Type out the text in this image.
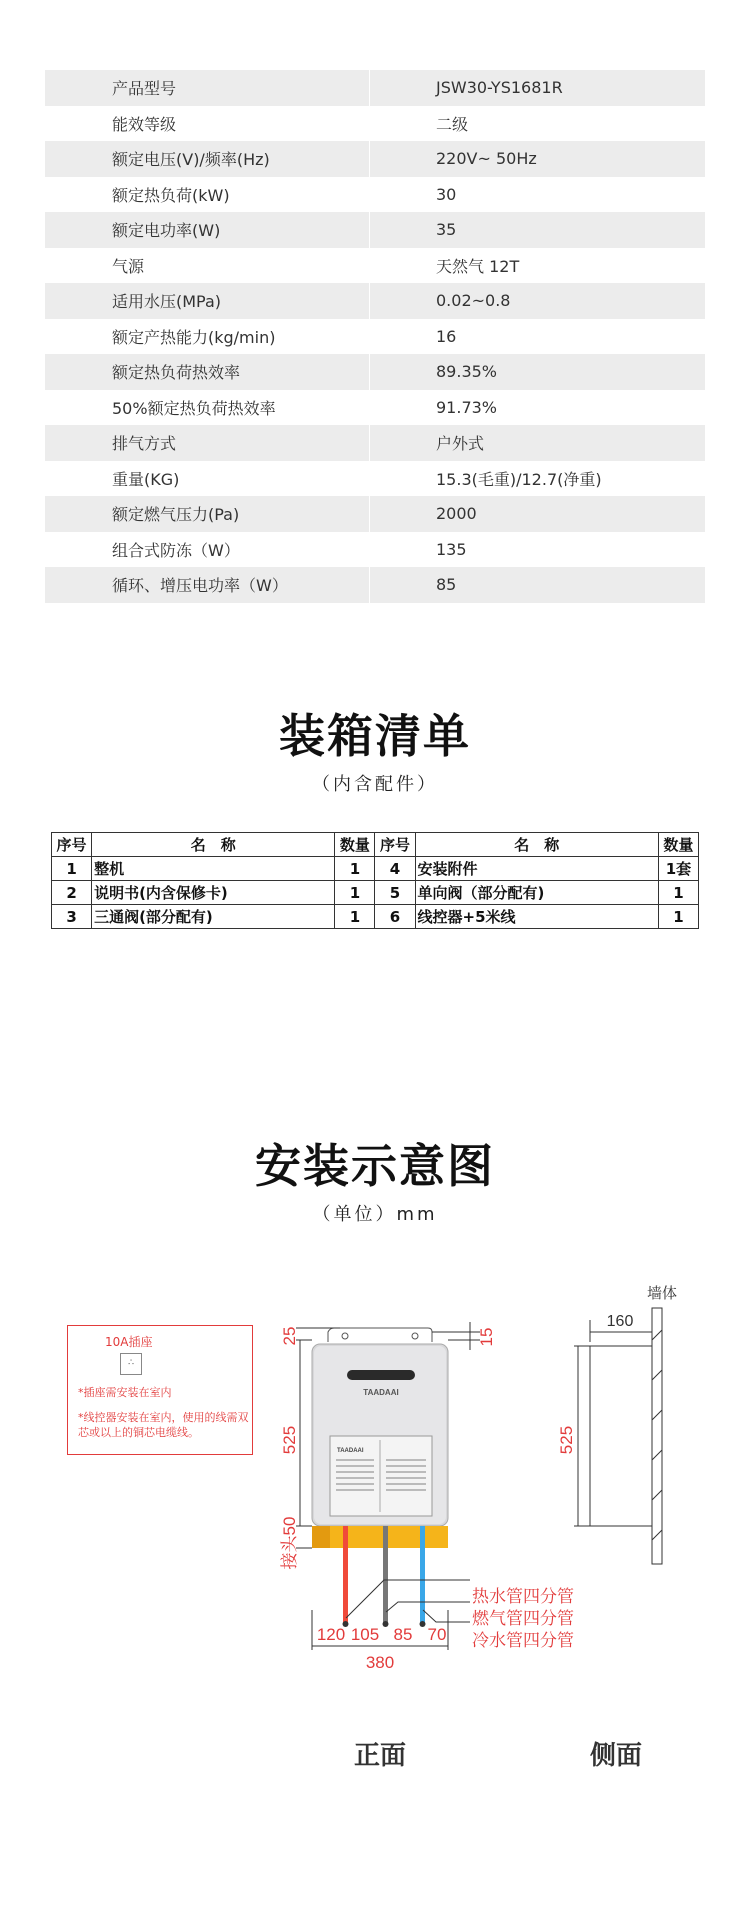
产品型号	JSW30-YS1681R
能效等级	二级
额定电压(V)/频率(Hz)	220V~ 50Hz
额定热负荷(kW)	30
额定电功率(W)	35
气源	天然气 12T
适用水压(MPa)	0.02~0.8
额定产热能力(kg/min)	16
额定热负荷热效率	89.35%
50%额定热负荷热效率	91.73%
排气方式	户外式
重量(KG)	15.3(毛重)/12.7(净重)
额定燃气压力(Pa)	2000
组合式防冻（W）	135
循环、增压电功率（W）	85
装箱清单
（内含配件）
序号	名　称	数量	序号	名　称	数量
1	整机	1	4	安装附件	1套
2	说明书(内含保修卡)	1	5	单向阀（部分配有)	1
3	三通阀(部分配有)	1	6	线控器+5米线	1
安装示意图
（单位）mm
10A插座
∴
*插座需安装在室内
*线控器安装在室内，使用的线需双芯或以上的铜芯电缆线。
TAADAAI
TAADAAI
热水管四分管
燃气管四分管
冷水管四分管
25
525
接头50
15
120 105 85 70
380
墙体
160
525
正面	侧面
